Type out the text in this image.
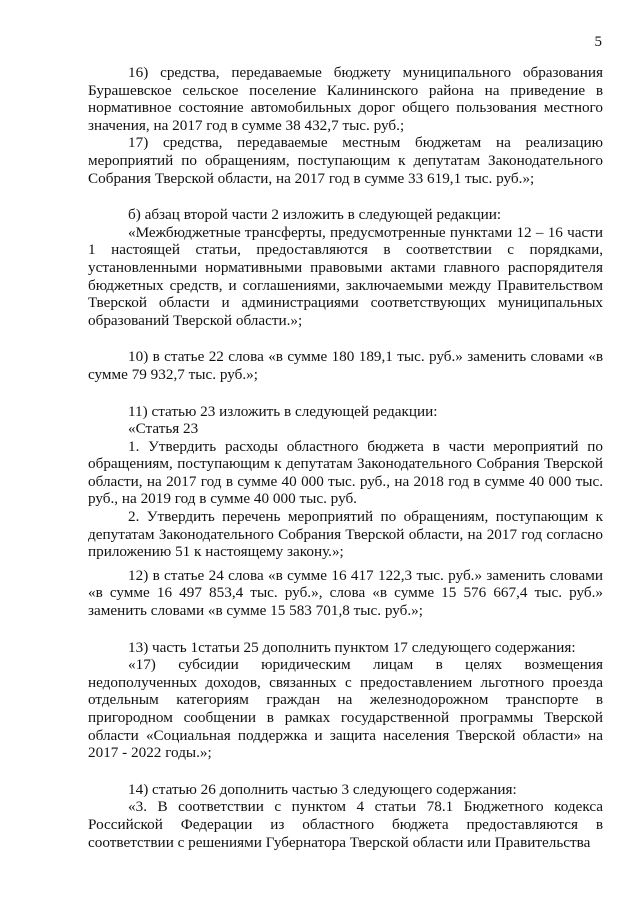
5

16) средства, передаваемые бюджету муниципального образования Бурашевское сельское поселение Калининского района на приведение в нормативное состояние автомобильных дорог общего пользования местного значения, на 2017 год в сумме 38 432,7 тыс. руб.;

17) средства, передаваемые местным бюджетам на реализацию мероприятий по обращениям, поступающим к депутатам Законодательного Собрания Тверской области, на 2017 год в сумме 33 619,1 тыс. руб.»;

б) абзац второй части 2 изложить в следующей редакции:

«Межбюджетные трансферты, предусмотренные пунктами 12 – 16 части 1 настоящей статьи, предоставляются в соответствии с порядками, установленными нормативными правовыми актами главного распорядителя бюджетных средств, и соглашениями, заключаемыми между Правительством Тверской области и администрациями соответствующих муниципальных образований Тверской области.»;

10) в статье 22 слова «в сумме 180 189,1 тыс. руб.» заменить словами «в сумме 79 932,7 тыс. руб.»;

11) статью 23 изложить в следующей редакции:

«Статья 23

1. Утвердить расходы областного бюджета в части мероприятий по обращениям, поступающим к депутатам Законодательного Собрания Тверской области, на 2017 год в сумме 40 000 тыс. руб., на 2018 год в сумме 40 000 тыс. руб., на 2019 год в сумме 40 000 тыс. руб.

2. Утвердить перечень мероприятий по обращениям, поступающим к депутатам Законодательного Собрания Тверской области, на 2017 год согласно приложению 51 к настоящему закону.»;

12) в статье 24 слова «в сумме 16 417 122,3 тыс. руб.» заменить словами «в сумме 16 497 853,4 тыс. руб.», слова «в сумме 15 576 667,4 тыс. руб.» заменить словами «в сумме 15 583 701,8 тыс. руб.»;

13) часть 1статьи 25 дополнить пунктом 17 следующего содержания:

«17) субсидии юридическим лицам в целях возмещения недополученных доходов, связанных с предоставлением льготного проезда отдельным категориям граждан на железнодорожном транспорте в пригородном сообщении в рамках государственной программы Тверской области «Социальная поддержка и защита населения Тверской области» на 2017 - 2022 годы.»;

14) статью 26 дополнить частью 3 следующего содержания:

«3. В соответствии с пунктом 4 статьи 78.1 Бюджетного кодекса Российской Федерации из областного бюджета предоставляются в соответствии с решениями Губернатора Тверской области или Правительства
